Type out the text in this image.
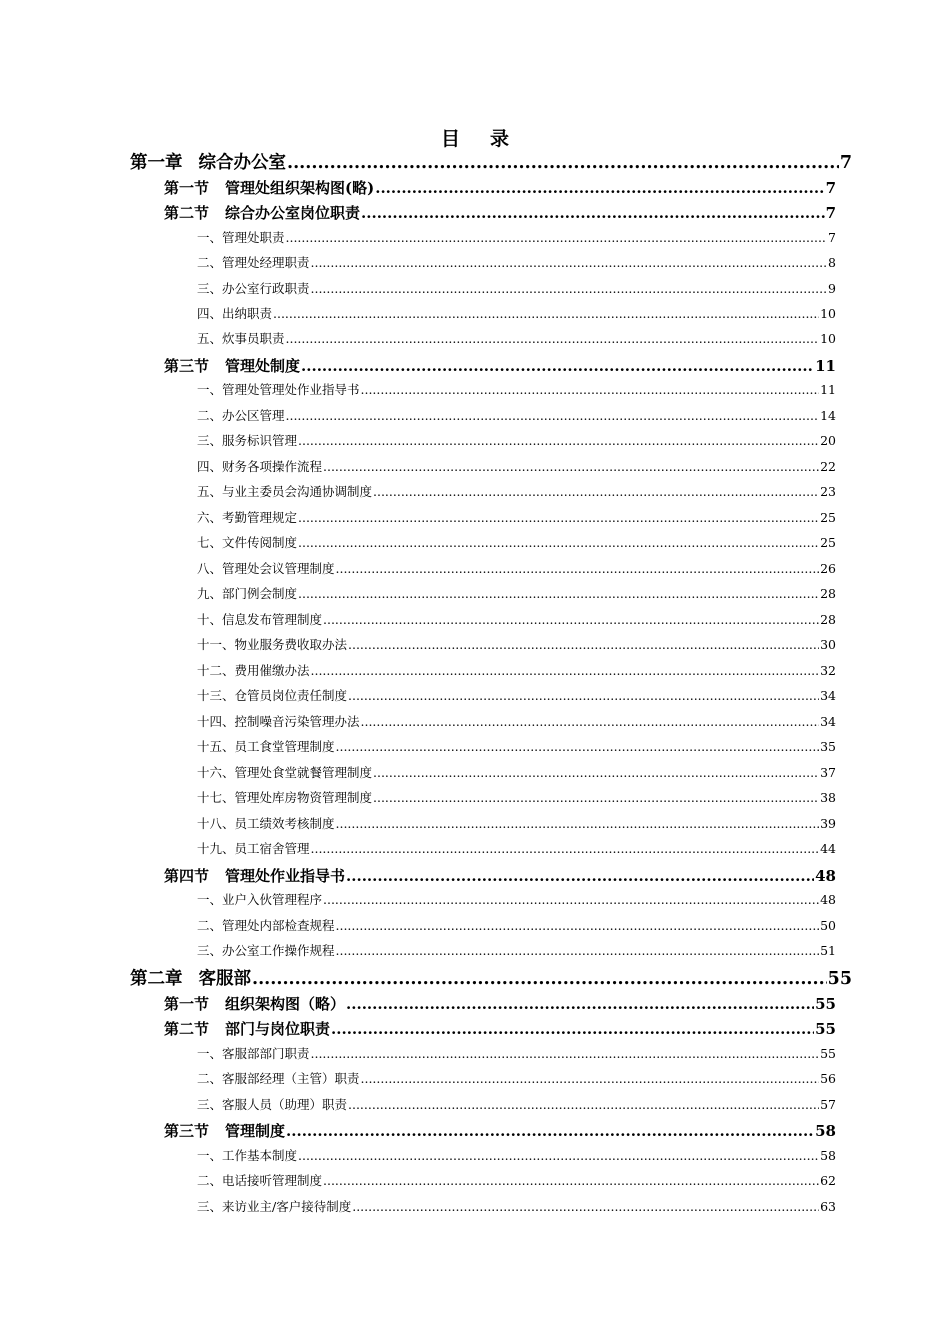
目 录
第一章 综合办公室 .....	7
第一节 管理处组织架构图(略) .....	7
第二节 综合办公室岗位职责 .....	7
一、管理处职责 .....	7
二、管理处经理职责 .....	8
三、办公室行政职责 .....	9
四、出纳职责 .....	10
五、炊事员职责 .....	10
第三节 管理处制度 .....	11
一、管理处管理处作业指导书 .....	11
二、办公区管理 .....	14
三、服务标识管理 .....	20
四、财务各项操作流程 .....	22
五、与业主委员会沟通协调制度 .....	23
六、考勤管理规定 .....	25
七、文件传阅制度 .....	25
八、管理处会议管理制度 .....	26
九、部门例会制度 .....	28
十、信息发布管理制度 .....	28
十一、物业服务费收取办法 .....	30
十二、费用催缴办法 .....	32
十三、仓管员岗位责任制度 .....	34
十四、控制噪音污染管理办法 .....	34
十五、员工食堂管理制度 .....	35
十六、管理处食堂就餐管理制度 .....	37
十七、管理处库房物资管理制度 .....	38
十八、员工绩效考核制度 .....	39
十九、员工宿舍管理 .....	44
第四节 管理处作业指导书 .....	48
一、业户入伙管理程序 .....	48
二、管理处内部检查规程 .....	50
三、办公室工作操作规程 .....	51
第二章 客服部 .....	55
第一节 组织架构图（略） .....	55
第二节 部门与岗位职责 .....	55
一、客服部部门职责 .....	55
二、客服部经理（主管）职责 .....	56
三、客服人员（助理）职责 .....	57
第三节 管理制度 .....	58
一、工作基本制度 .....	58
二、电话接听管理制度 .....	62
三、来访业主/客户接待制度 .....	63
